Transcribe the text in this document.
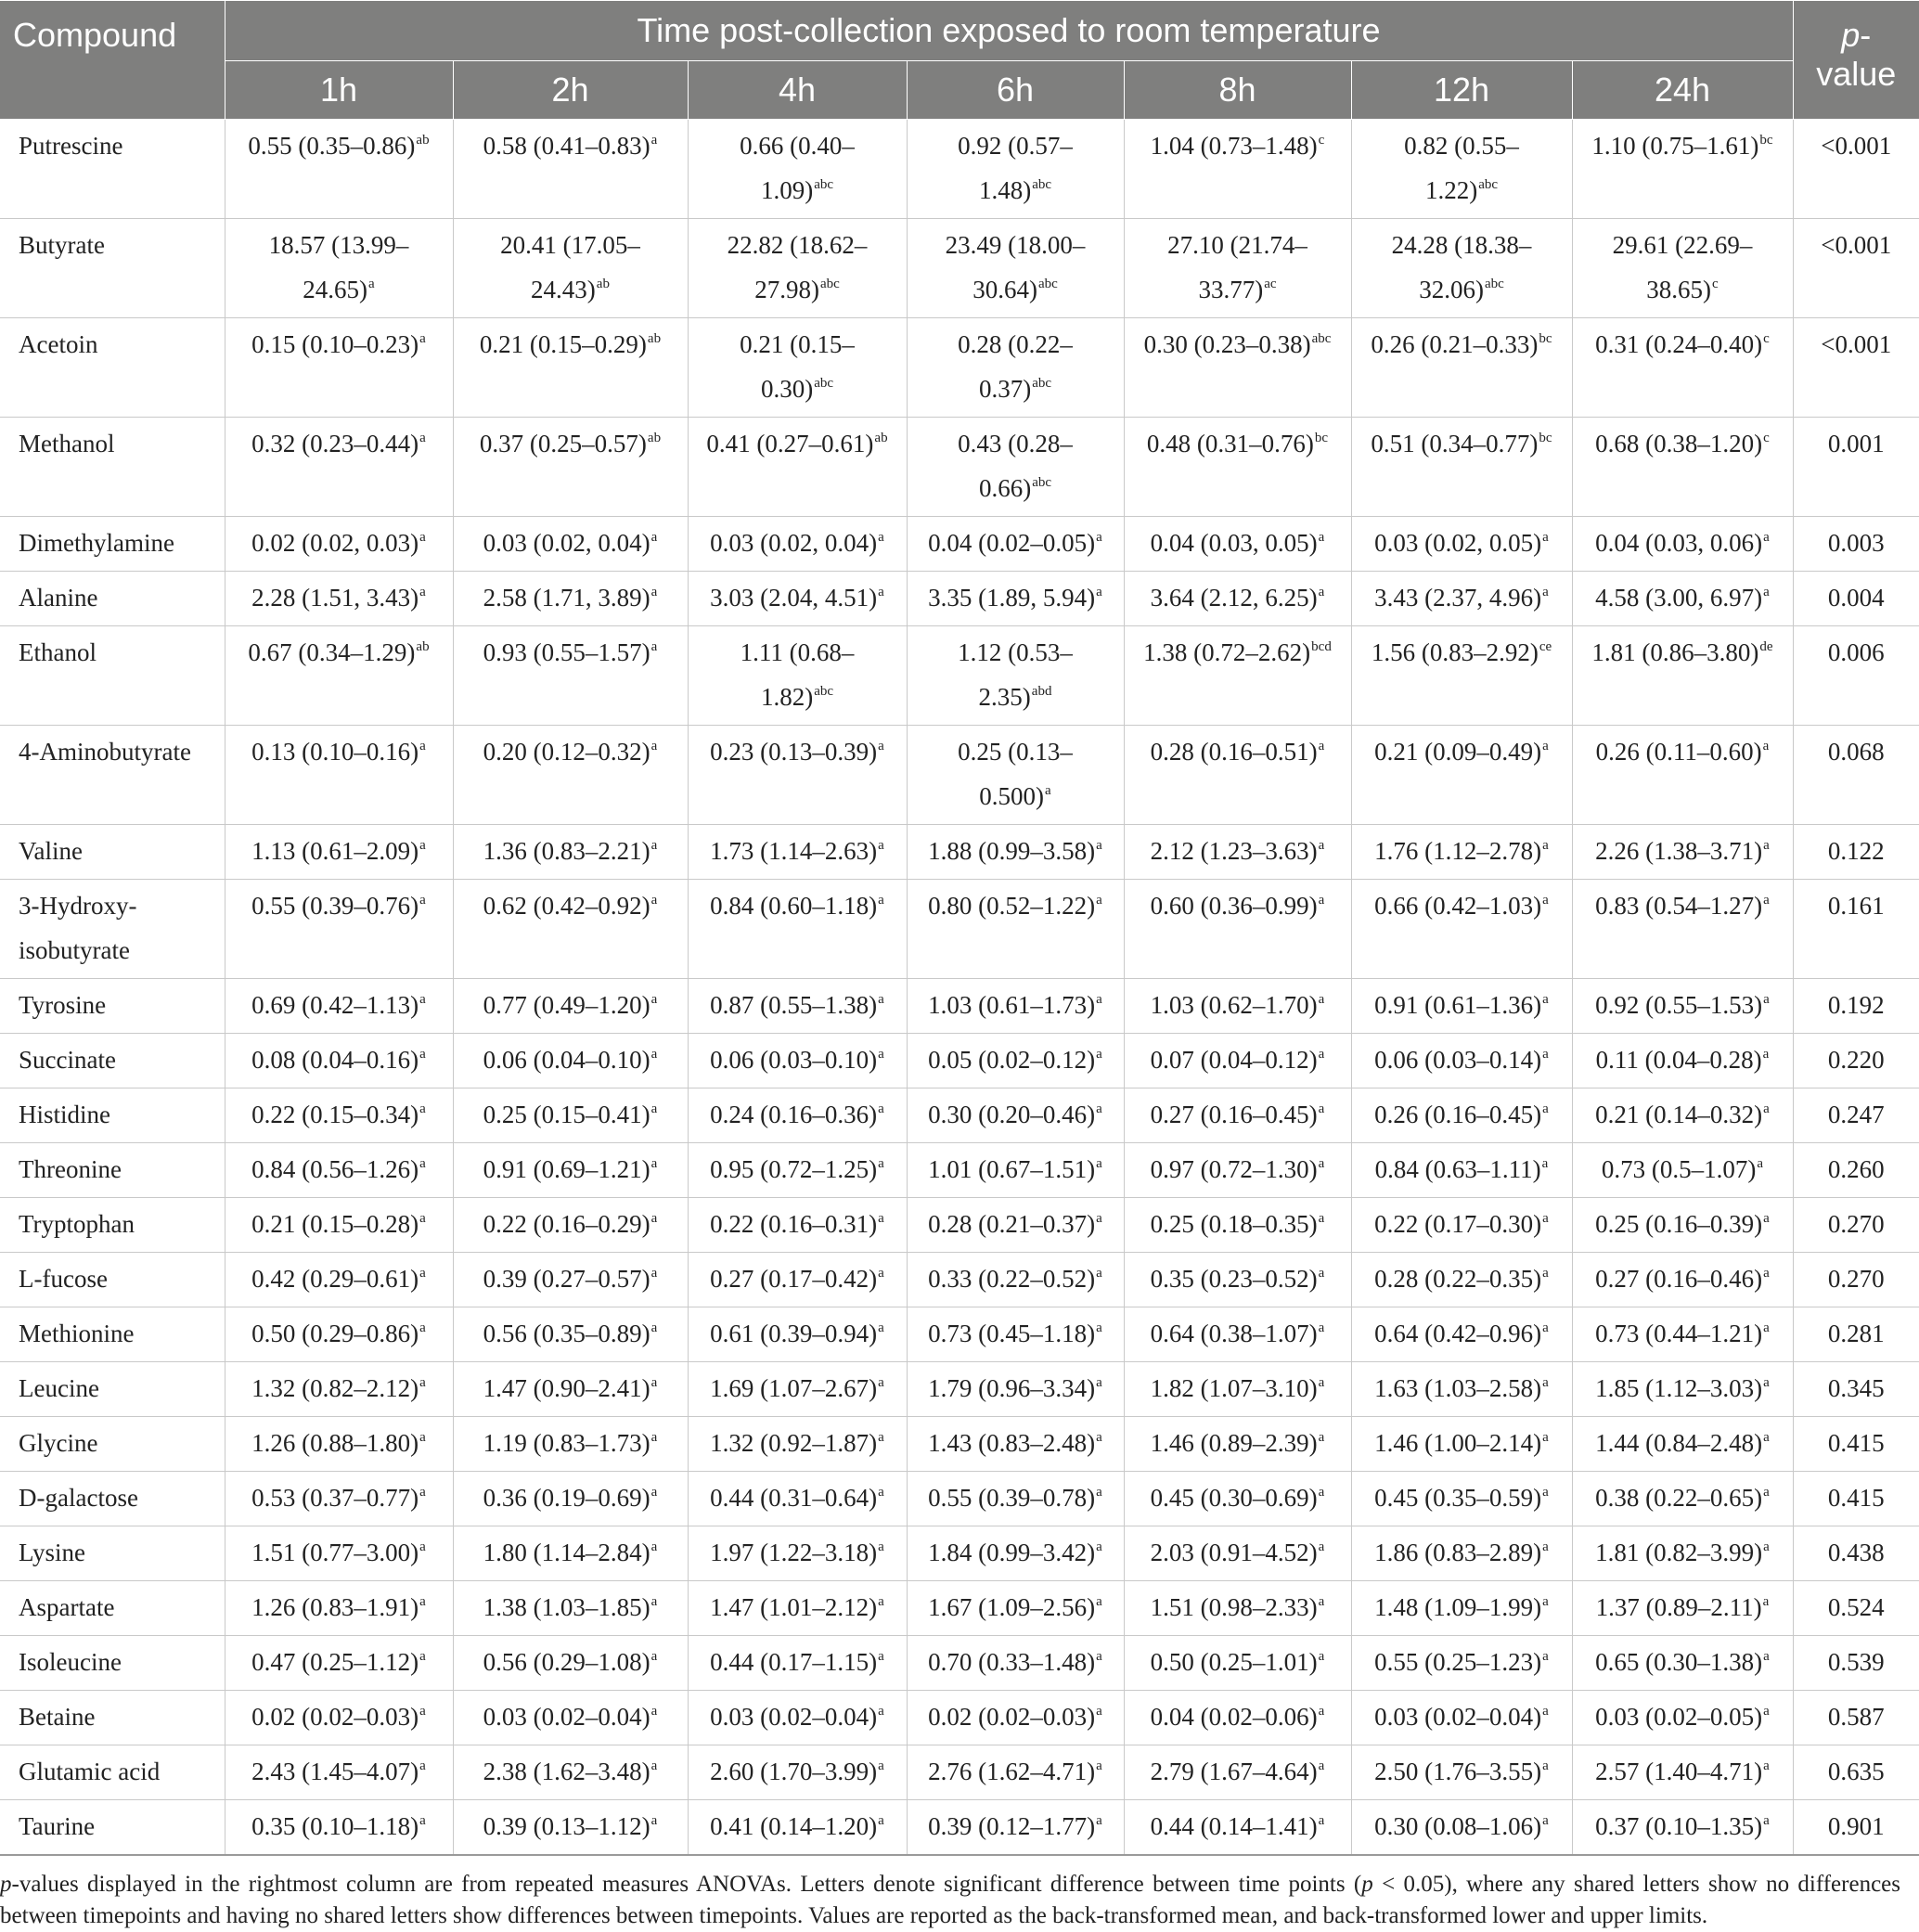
Compound	Time post-collection exposed to room temperature							p-value
	1h	2h	4h	6h	8h	12h	24h	
Putrescine	0.55 $(0.35-0.86)^{ab}$	0.58 $(0.41-0.83)^a$	0.66 $(0.40-1.09)^{abc}$	0.92 $(0.57-1.48)^{abc}$	1.04 $(0.73-1.48)^c$	0.82 $(0.55-1.22)^{abc}$	1.10 $(0.75-1.61)^{bc}$	<0.001
Butyrate	18.57 $(13.99-24.65)^a$	20.41 $(17.05-24.43)^{ab}$	22.82 $(18.62-27.98)^{abc}$	23.49 $(18.00-30.64)^{abc}$	27.10 $(21.74-33.77)^{ac}$	24.28 $(18.38-32.06)^{abc}$	29.61 $(22.69-38.65)^c$	<0.001
Acetoin	0.15 $(0.10-0.23)^a$	0.21 $(0.15-0.29)^{ab}$	0.21 $(0.15-0.30)^{abc}$	0.28 $(0.22-0.37)^{abc}$	0.30 $(0.23-0.38)^{abc}$	0.26 $(0.21-0.33)^{bc}$	0.31 $(0.24-0.40)^c$	<0.001
Methanol	0.32 $(0.23-0.44)^a$	0.37 $(0.25-0.57)^{ab}$	0.41 $(0.27-0.61)^{ab}$	0.43 $(0.28-0.66)^{abc}$	0.48 $(0.31-0.76)^{bc}$	0.51 $(0.34-0.77)^{bc}$	0.68 $(0.38-1.20)^c$	0.001
Dimethylamine	0.02 (0.02, 0.03)$^a$	0.03 (0.02, 0.04)$^a$	0.03 (0.02, 0.04)$^a$	0.04 $(0.02-0.05)^a$	0.04 (0.03, 0.05)$^a$	0.03 (0.02, 0.05)$^a$	0.04 (0.03, 0.06)$^a$	0.003
Alanine	2.28 (1.51, 3.43)$^a$	2.58 (1.71, 3.89)$^a$	3.03 (2.04, 4.51)$^a$	3.35 (1.89, 5.94)$^a$	3.64 (2.12, 6.25)$^a$	3.43 (2.37, 4.96)$^a$	4.58 (3.00, 6.97)$^a$	0.004
Ethanol	0.67 $(0.34-1.29)^{ab}$	0.93 $(0.55-1.57)^a$	1.11 $(0.68-1.82)^{abc}$	1.12 $(0.53-2.35)^{abd}$	1.38 $(0.72-2.62)^{bcd}$	1.56 $(0.83-2.92)^{ce}$	1.81 $(0.86-3.80)^{de}$	0.006
4-Aminobutyrate	0.13 $(0.10-0.16)^a$	0.20 $(0.12-0.32)^a$	0.23 $(0.13-0.39)^a$	0.25 $(0.13-0.500)^a$	0.28 $(0.16-0.51)^a$	0.21 $(0.09-0.49)^a$	0.26 $(0.11-0.60)^a$	0.068
Valine	1.13 $(0.61-2.09)^a$	1.36 $(0.83-2.21)^a$	1.73 $(1.14-2.63)^a$	1.88 $(0.99-3.58)^a$	2.12 $(1.23-3.63)^a$	1.76 $(1.12-2.78)^a$	2.26 $(1.38-3.71)^a$	0.122
3-Hydroxy-isobutyrate	0.55 $(0.39-0.76)^a$	0.62 $(0.42-0.92)^a$	0.84 $(0.60-1.18)^a$	0.80 $(0.52-1.22)^a$	0.60 $(0.36-0.99)^a$	0.66 $(0.42-1.03)^a$	0.83 $(0.54-1.27)^a$	0.161
Tyrosine	0.69 $(0.42-1.13)^a$	0.77 $(0.49-1.20)^a$	0.87 $(0.55-1.38)^a$	1.03 $(0.61-1.73)^a$	1.03 $(0.62-1.70)^a$	0.91 $(0.61-1.36)^a$	0.92 $(0.55-1.53)^a$	0.192
Succinate	0.08 $(0.04-0.16)^a$	0.06 $(0.04-0.10)^a$	0.06 $(0.03-0.10)^a$	0.05 $(0.02-0.12)^a$	0.07 $(0.04-0.12)^a$	0.06 $(0.03-0.14)^a$	0.11 $(0.04-0.28)^a$	0.220
Histidine	0.22 $(0.15-0.34)^a$	0.25 $(0.15-0.41)^a$	0.24 $(0.16-0.36)^a$	0.30 $(0.20-0.46)^a$	0.27 $(0.16-0.45)^a$	0.26 $(0.16-0.45)^a$	0.21 $(0.14-0.32)^a$	0.247
Threonine	0.84 $(0.56-1.26)^a$	0.91 $(0.69-1.21)^a$	0.95 $(0.72-1.25)^a$	1.01 $(0.67-1.51)^a$	0.97 $(0.72-1.30)^a$	0.84 $(0.63-1.11)^a$	0.73 $(0.5-1.07)^a$	0.260
Tryptophan	0.21 $(0.15-0.28)^a$	0.22 $(0.16-0.29)^a$	0.22 $(0.16-0.31)^a$	0.28 $(0.21-0.37)^a$	0.25 $(0.18-0.35)^a$	0.22 $(0.17-0.30)^a$	0.25 $(0.16-0.39)^a$	0.270
L-fucose	0.42 $(0.29-0.61)^a$	0.39 $(0.27-0.57)^a$	0.27 $(0.17-0.42)^a$	0.33 $(0.22-0.52)^a$	0.35 $(0.23-0.52)^a$	0.28 $(0.22-0.35)^a$	0.27 $(0.16-0.46)^a$	0.270
Methionine	0.50 $(0.29-0.86)^a$	0.56 $(0.35-0.89)^a$	0.61 $(0.39-0.94)^a$	0.73 $(0.45-1.18)^a$	0.64 $(0.38-1.07)^a$	0.64 $(0.42-0.96)^a$	0.73 $(0.44-1.21)^a$	0.281
Leucine	1.32 $(0.82-2.12)^a$	1.47 $(0.90-2.41)^a$	1.69 $(1.07-2.67)^a$	1.79 $(0.96-3.34)^a$	1.82 $(1.07-3.10)^a$	1.63 $(1.03-2.58)^a$	1.85 $(1.12-3.03)^a$	0.345
Glycine	1.26 $(0.88-1.80)^a$	1.19 $(0.83-1.73)^a$	1.32 $(0.92-1.87)^a$	1.43 $(0.83-2.48)^a$	1.46 $(0.89-2.39)^a$	1.46 $(1.00-2.14)^a$	1.44 $(0.84-2.48)^a$	0.415
D-galactose	0.53 $(0.37-0.77)^a$	0.36 $(0.19-0.69)^a$	0.44 $(0.31-0.64)^a$	0.55 $(0.39-0.78)^a$	0.45 $(0.30-0.69)^a$	0.45 $(0.35-0.59)^a$	0.38 $(0.22-0.65)^a$	0.415
Lysine	1.51 $(0.77-3.00)^a$	1.80 $(1.14-2.84)^a$	1.97 $(1.22-3.18)^a$	1.84 $(0.99-3.42)^a$	2.03 $(0.91-4.52)^a$	1.86 $(0.83-2.89)^a$	1.81 $(0.82-3.99)^a$	0.438
Aspartate	1.26 $(0.83-1.91)^a$	1.38 $(1.03-1.85)^a$	1.47 $(1.01-2.12)^a$	1.67 $(1.09-2.56)^a$	1.51 $(0.98-2.33)^a$	1.48 $(1.09-1.99)^a$	1.37 $(0.89-2.11)^a$	0.524
Isoleucine	0.47 $(0.25-1.12)^a$	0.56 $(0.29-1.08)^a$	0.44 $(0.17-1.15)^a$	0.70 $(0.33-1.48)^a$	0.50 $(0.25-1.01)^a$	0.55 $(0.25-1.23)^a$	0.65 $(0.30-1.38)^a$	0.539
Betaine	0.02 $(0.02-0.03)^a$	0.03 $(0.02-0.04)^a$	0.03 $(0.02-0.04)^a$	0.02 $(0.02-0.03)^a$	0.04 $(0.02-0.06)^a$	0.03 $(0.02-0.04)^a$	0.03 $(0.02-0.05)^a$	0.587
Glutamic acid	2.43 $(1.45-4.07)^a$	2.38 $(1.62-3.48)^a$	2.60 $(1.70-3.99)^a$	2.76 $(1.62-4.71)^a$	2.79 $(1.67-4.64)^a$	2.50 $(1.76-3.55)^a$	2.57 $(1.40-4.71)^a$	0.635
Taurine	0.35 $(0.10-1.18)^a$	0.39 $(0.13-1.12)^a$	0.41 $(0.14-1.20)^a$	0.39 $(0.12-1.77)^a$	0.44 $(0.14-1.41)^a$	0.30 $(0.08-1.06)^a$	0.37 $(0.10-1.35)^a$	0.901
p-values displayed in the rightmost column are from repeated measures ANOVAs. Letters denote significant difference between time points (p < 0.05), where any shared letters show no differences between timepoints and having no shared letters show differences between timepoints. Values are reported as the back-transformed mean, and back-transformed lower and upper limits.
